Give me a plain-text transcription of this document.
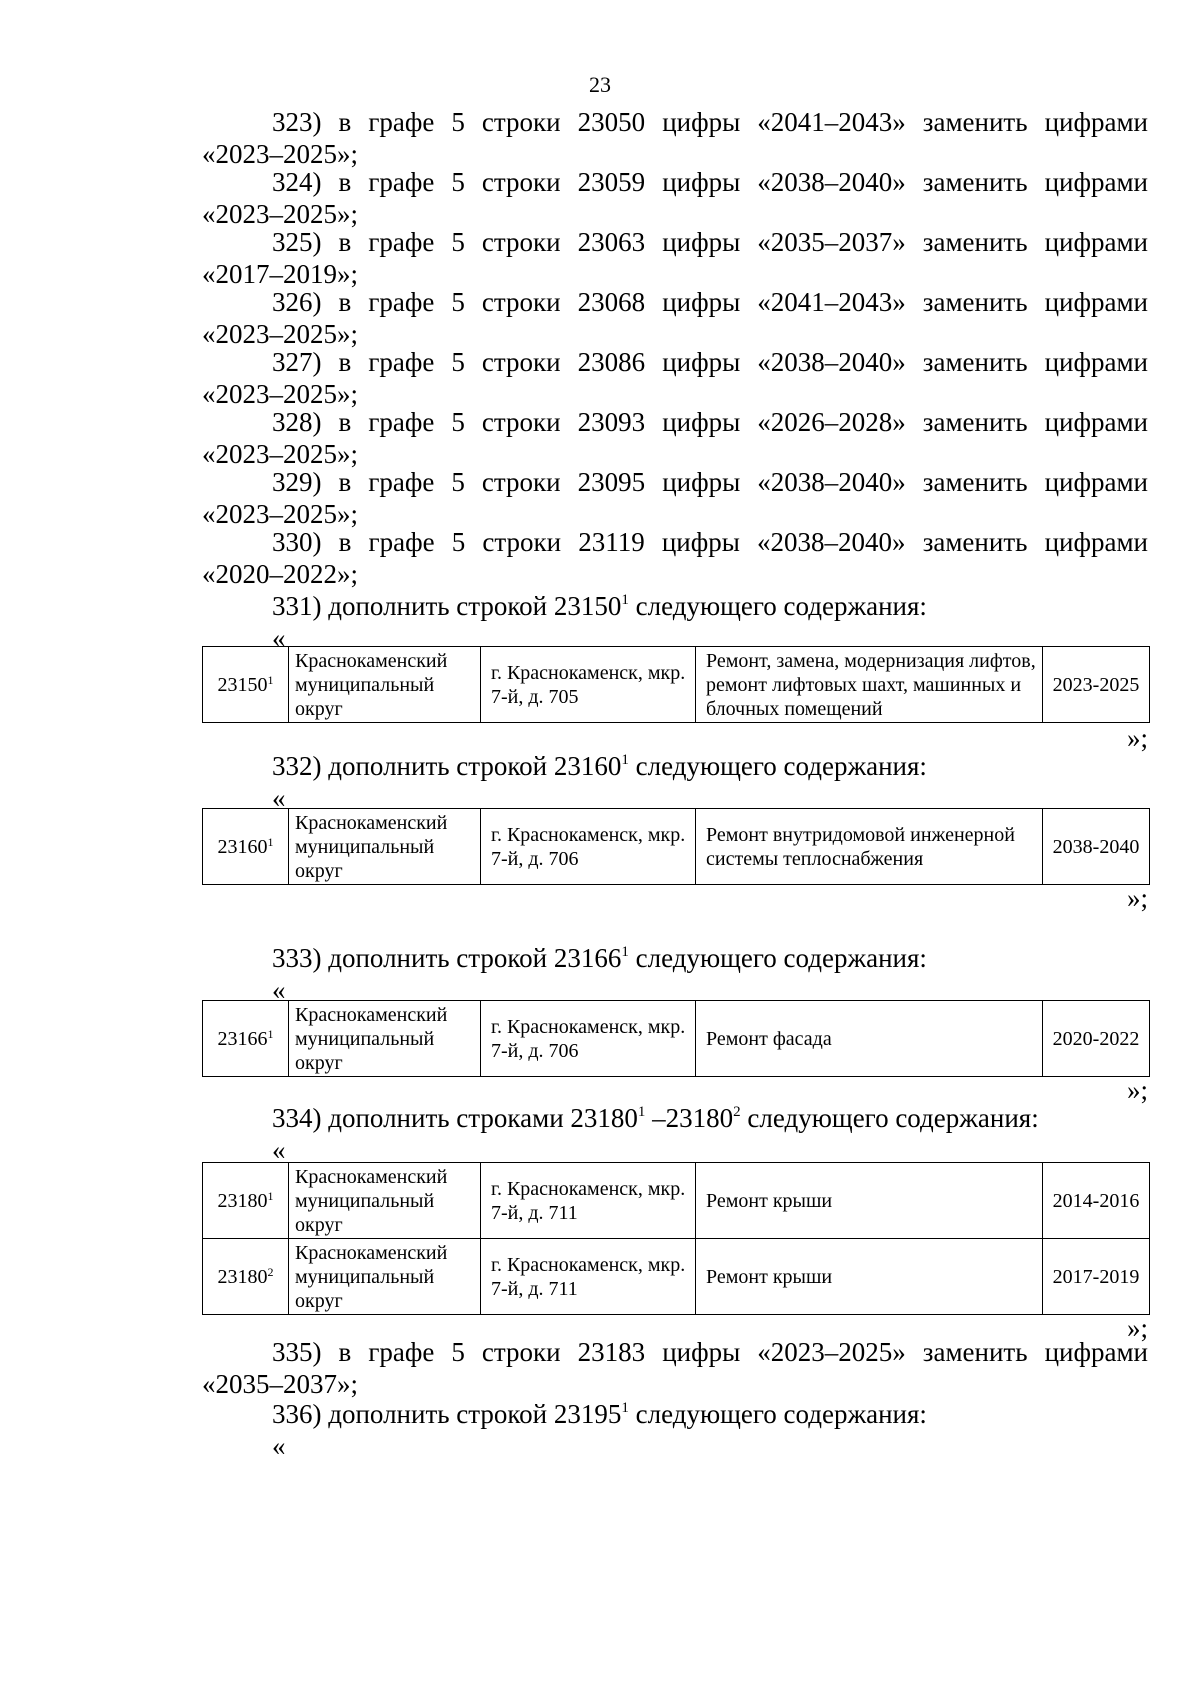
23
323) в графе 5 строки 23050 цифры «2041–2043» заменить цифрами
«2023–2025»;
324) в графе 5 строки 23059 цифры «2038–2040» заменить цифрами
«2023–2025»;
325) в графе 5 строки 23063 цифры «2035–2037» заменить цифрами
«2017–2019»;
326) в графе 5 строки 23068 цифры «2041–2043» заменить цифрами
«2023–2025»;
327) в графе 5 строки 23086 цифры «2038–2040» заменить цифрами
«2023–2025»;
328) в графе 5 строки 23093 цифры «2026–2028» заменить цифрами
«2023–2025»;
329) в графе 5 строки 23095 цифры «2038–2040» заменить цифрами
«2023–2025»;
330) в графе 5 строки 23119 цифры «2038–2040» заменить цифрами
«2020–2022»;
331) дополнить строкой 23150$^1$ следующего содержания:
«
23150$^1$	Краснокаменский муниципальный округ	г. Краснокаменск, мкр. 7-й, д. 705	Ремонт, замена, модернизация лифтов, ремонт лифтовых шахт, машинных и блочных помещений	2023-2025
»;
332) дополнить строкой 23160$^1$ следующего содержания:
«
23160$^1$	Краснокаменский муниципальный округ	г. Краснокаменск, мкр. 7-й, д. 706	Ремонт внутридомовой инженерной системы теплоснабжения	2038-2040
»;
333) дополнить строкой 23166$^1$ следующего содержания:
«
23166$^1$	Краснокаменский муниципальный округ	г. Краснокаменск, мкр. 7-й, д. 706	Ремонт фасада	2020-2022
»;
334) дополнить строками 23180$^1$ –23180$^2$ следующего содержания:
«
23180$^1$	Краснокаменский муниципальный округ	г. Краснокаменск, мкр. 7-й, д. 711	Ремонт крыши	2014-2016
23180$^2$	Краснокаменский муниципальный округ	г. Краснокаменск, мкр. 7-й, д. 711	Ремонт крыши	2017-2019
»;
335) в графе 5 строки 23183 цифры «2023–2025» заменить цифрами
«2035–2037»;
336) дополнить строкой 23195$^1$ следующего содержания:
«
